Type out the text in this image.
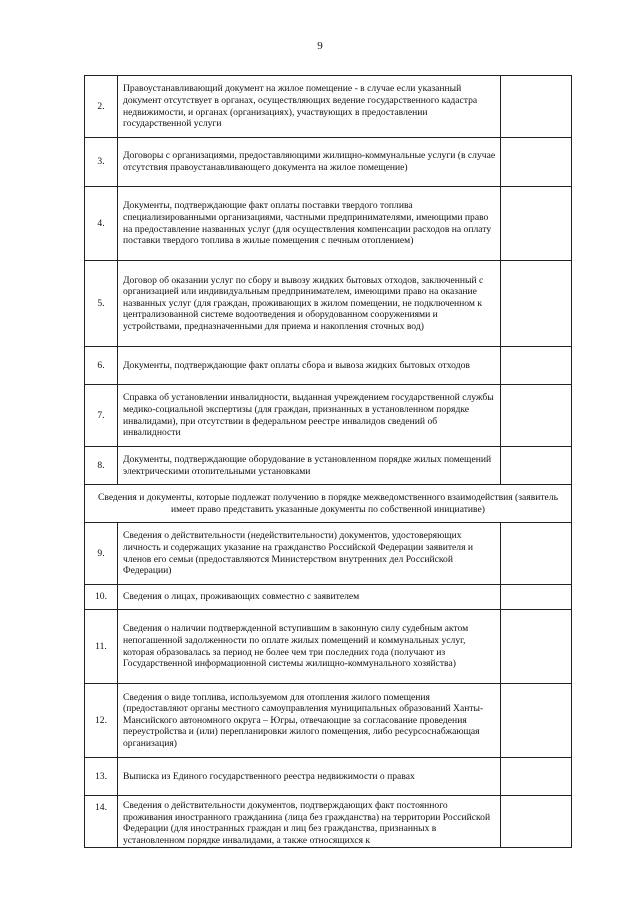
9
2.	Правоустанавливающий документ на жилое помещение - в случае если указанный документ отсутствует в органах, осуществляющих ведение государственного кадастра недвижимости, и органах (организациях), участвующих в предоставлении государственной услуги	
3.	Договоры с организациями, предоставляющими жилищно-коммунальные услуги (в случае отсутствия правоустанавливающего документа на жилое помещение)	
4.	Документы, подтверждающие факт оплаты поставки твердого топлива специализированными организациями, частными предпринимателями, имеющими право на предоставление названных услуг (для осуществления компенсации расходов на оплату поставки твердого топлива в жилые помещения с печным отоплением)	
5.	Договор об оказании услуг по сбору и вывозу жидких бытовых отходов, заключенный с организацией или индивидуальным предпринимателем, имеющими право на оказание названных услуг (для граждан, проживающих в жилом помещении, не подключенном к централизованной системе водоотведения и оборудованном сооружениями и устройствами, предназначенными для приема и накопления сточных вод)	
6.	Документы, подтверждающие факт оплаты сбора и вывоза жидких бытовых отходов	
7.	Справка об установлении инвалидности, выданная учреждением государственной службы медико-социальной экспертизы (для граждан, признанных в установленном порядке инвалидами), при отсутствии в федеральном реестре инвалидов сведений об инвалидности	
8.	Документы, подтверждающие оборудование в установленном порядке жилых помещений электрическими отопительными установками	
Сведения и документы, которые подлежат получению в порядке межведомственного взаимодействия (заявитель имеет право представить указанные документы по собственной инициативе)		
9.	Сведения о действительности (недействительности) документов, удостоверяющих личность и содержащих указание на гражданство Российской Федерации заявителя и членов его семьи (предоставляются Министерством внутренних дел Российской Федерации)	
10.	Сведения о лицах, проживающих совместно с заявителем	
11.	Сведения о наличии подтвержденной вступившим в законную силу судебным актом непогашенной задолженности по оплате жилых помещений и коммунальных услуг, которая образовалась за период не более чем три последних года (получают из Государственной информационной системы жилищно-коммунального хозяйства)	
12.	Сведения о виде топлива, используемом для отопления жилого помещения (предоставляют органы местного самоуправления муниципальных образований Ханты-Мансийского автономного округа – Югры, отвечающие за согласование проведения переустройства и (или) перепланировки жилого помещения, либо ресурсоснабжающая организация)	
13.	Выписка из Единого государственного реестра недвижимости о правах	
14.	Сведения о действительности документов, подтверждающих факт постоянного проживания иностранного гражданина (лица без гражданства) на территории Российской Федерации (для иностранных граждан и лиц без гражданства, признанных в установленном порядке инвалидами, а также относящихся к	
